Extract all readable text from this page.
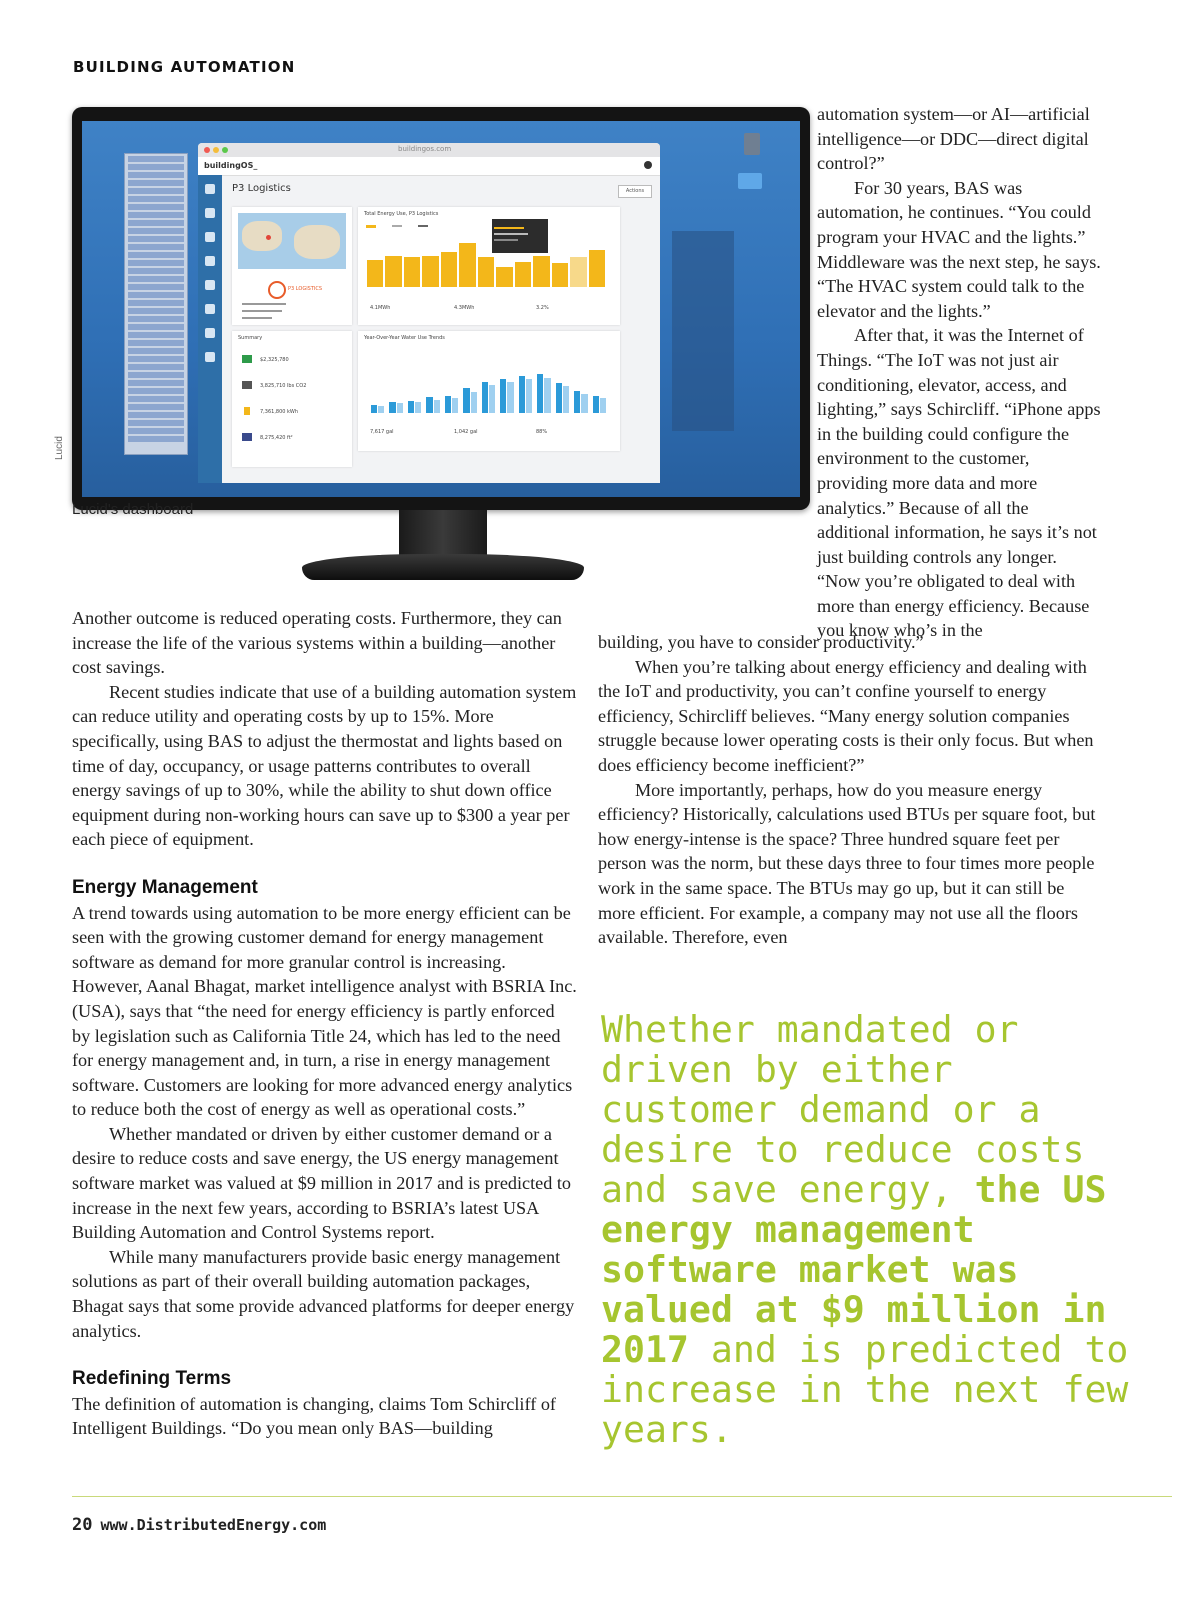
BUILDING AUTOMATION
buildingos.com
buildingOS_
P3 Logistics	Actions
P3 LOGISTICS
Total Energy Use, P3 Logistics
4.1MWh	4.3MWh	3.2%
Summary
$2,325,780
3,825,710 lbs CO2
7,361,800 kWh
8,275,420 ft²
Year-Over-Year Water Use Trends
7,617 gal	1,042 gal	88%
Lucid
Lucid's dashboard

Another outcome is reduced operating costs. Furthermore, they can increase the life of the various systems within a building—another cost savings.

Recent studies indicate that use of a building automation system can reduce utility and operating costs by up to 15%. More specifically, using BAS to adjust the thermostat and lights based on time of day, occupancy, or usage patterns contributes to overall energy savings of up to 30%, while the ability to shut down office equipment during non-working hours can save up to $300 a year per each piece of equipment.

Energy Management

A trend towards using automation to be more energy efficient can be seen with the growing customer demand for energy management software as demand for more granular control is increasing. However, Aanal Bhagat, market intelligence analyst with BSRIA Inc. (USA), says that “the need for energy efficiency is partly enforced by legislation such as California Title 24, which has led to the need for energy management and, in turn, a rise in energy management software. Customers are looking for more advanced energy analytics to reduce both the cost of energy as well as operational costs.”

Whether mandated or driven by either customer demand or a desire to reduce costs and save energy, the US energy management software market was valued at $9 million in 2017 and is predicted to increase in the next few years, according to BSRIA’s latest USA Building Automation and Control Systems report.

While many manufacturers provide basic energy management solutions as part of their overall building automation packages, Bhagat says that some provide advanced platforms for deeper energy analytics.

Redefining Terms

The definition of automation is changing, claims Tom Schircliff of Intelligent Buildings. “Do you mean only BAS—building

automation system—or AI—artificial intelligence—or DDC—direct digital control?”

For 30 years, BAS was automation, he continues. “You could program your HVAC and the lights.” Middleware was the next step, he says. “The HVAC system could talk to the elevator and the lights.”

After that, it was the Internet of Things. “The IoT was not just air conditioning, elevator, access, and lighting,” says Schircliff. “iPhone apps in the building could configure the environment to the customer, providing more data and more analytics.” Because of all the additional information, he says it’s not just building controls any longer. “Now you’re obligated to deal with more than energy efficiency. Because you know who’s in the

building, you have to consider productivity.”

When you’re talking about energy efficiency and dealing with the IoT and productivity, you can’t confine yourself to energy efficiency, Schircliff believes. “Many energy solution companies struggle because lower operating costs is their only focus. But when does efficiency become inefficient?”

More importantly, perhaps, how do you measure energy efficiency? Historically, calculations used BTUs per square foot, but how energy-intense is the space? Three hundred square feet per person was the norm, but these days three to four times more people work in the same space. The BTUs may go up, but it can still be more efficient. For example, a company may not use all the floors available. Therefore, even

Whether mandated or driven by either customer demand or a desire to reduce costs and save energy, the US energy management software market was valued at $9 million in 2017 and is predicted to increase in the next few years.
20 www.DistributedEnergy.com
